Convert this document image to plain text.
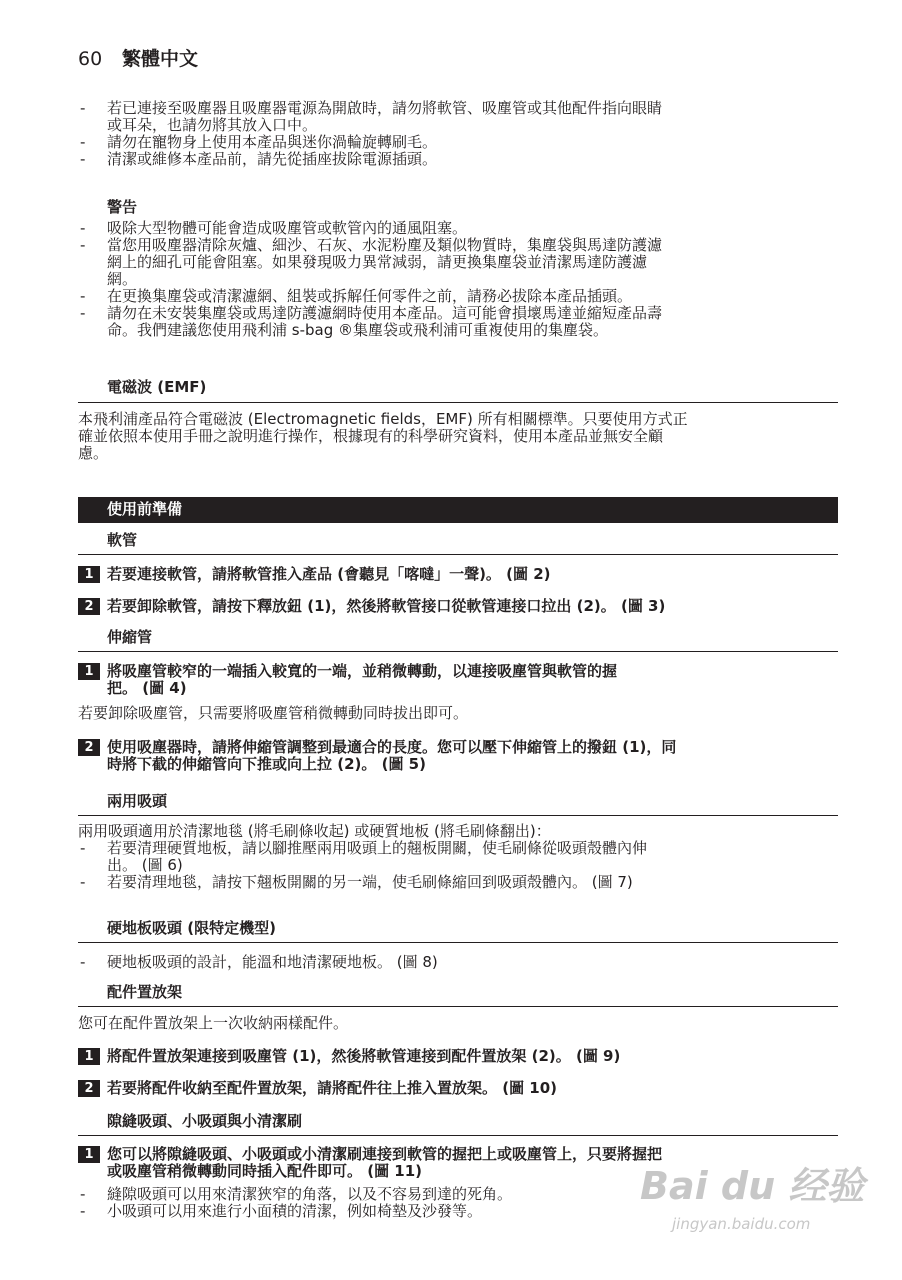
60 繁體中文
- 若已連接至吸塵器且吸塵器電源為開啟時，請勿將軟管、吸塵管或其他配件指向眼睛
或耳朵，也請勿將其放入口中。
- 請勿在寵物身上使用本產品與迷你渦輪旋轉刷毛。
- 清潔或維修本產品前，請先從插座拔除電源插頭。
警告
- 吸除大型物體可能會造成吸塵管或軟管內的通風阻塞。
- 當您用吸塵器清除灰爐、細沙、石灰、水泥粉塵及類似物質時，集塵袋與馬達防護濾
網上的細孔可能會阻塞。如果發現吸力異常減弱，請更換集塵袋並清潔馬達防護濾
網。
- 在更換集塵袋或清潔濾網、組裝或拆解任何零件之前，請務必拔除本產品插頭。
- 請勿在未安裝集塵袋或馬達防護濾網時使用本產品。這可能會損壞馬達並縮短產品壽
命。我們建議您使用飛利浦 s-bag ®集塵袋或飛利浦可重複使用的集塵袋。
電磁波 (EMF)
本飛利浦產品符合電磁波 (Electromagnetic fields，EMF) 所有相關標準。只要使用方式正
確並依照本使用手冊之說明進行操作，根據現有的科學研究資料，使用本產品並無安全顧
慮。
使用前準備
軟管
1 若要連接軟管，請將軟管推入產品 (會聽見「喀噠」一聲)。 (圖 2)
2 若要卸除軟管，請按下釋放鈕 (1)，然後將軟管接口從軟管連接口拉出 (2)。 (圖 3)
伸縮管
1 將吸塵管較窄的一端插入較寬的一端，並稍微轉動，以連接吸塵管與軟管的握
把。 (圖 4)
若要卸除吸塵管，只需要將吸塵管稍微轉動同時拔出即可。
2 使用吸塵器時，請將伸縮管調整到最適合的長度。您可以壓下伸縮管上的撥鈕 (1)，同
時將下截的伸縮管向下推或向上拉 (2)。 (圖 5)
兩用吸頭
兩用吸頭適用於清潔地毯 (將毛刷條收起) 或硬質地板 (將毛刷條翻出)：
- 若要清理硬質地板，請以腳推壓兩用吸頭上的翹板開關，使毛刷條從吸頭殼體內伸
出。 (圖 6)
- 若要清理地毯，請按下翹板開關的另一端，使毛刷條縮回到吸頭殼體內。 (圖 7)
硬地板吸頭 (限特定機型)
- 硬地板吸頭的設計，能溫和地清潔硬地板。 (圖 8)
配件置放架
您可在配件置放架上一次收納兩樣配件。
1 將配件置放架連接到吸塵管 (1)，然後將軟管連接到配件置放架 (2)。 (圖 9)
2 若要將配件收納至配件置放架，請將配件往上推入置放架。 (圖 10)
隙縫吸頭、小吸頭與小清潔刷
1 您可以將隙縫吸頭、小吸頭或小清潔刷連接到軟管的握把上或吸塵管上，只要將握把
或吸塵管稍微轉動同時插入配件即可。 (圖 11)
- 縫隙吸頭可以用來清潔狹窄的角落，以及不容易到達的死角。
- 小吸頭可以用來進行小面積的清潔，例如椅墊及沙發等。
Bai du 经验
jingyan.baidu.com
